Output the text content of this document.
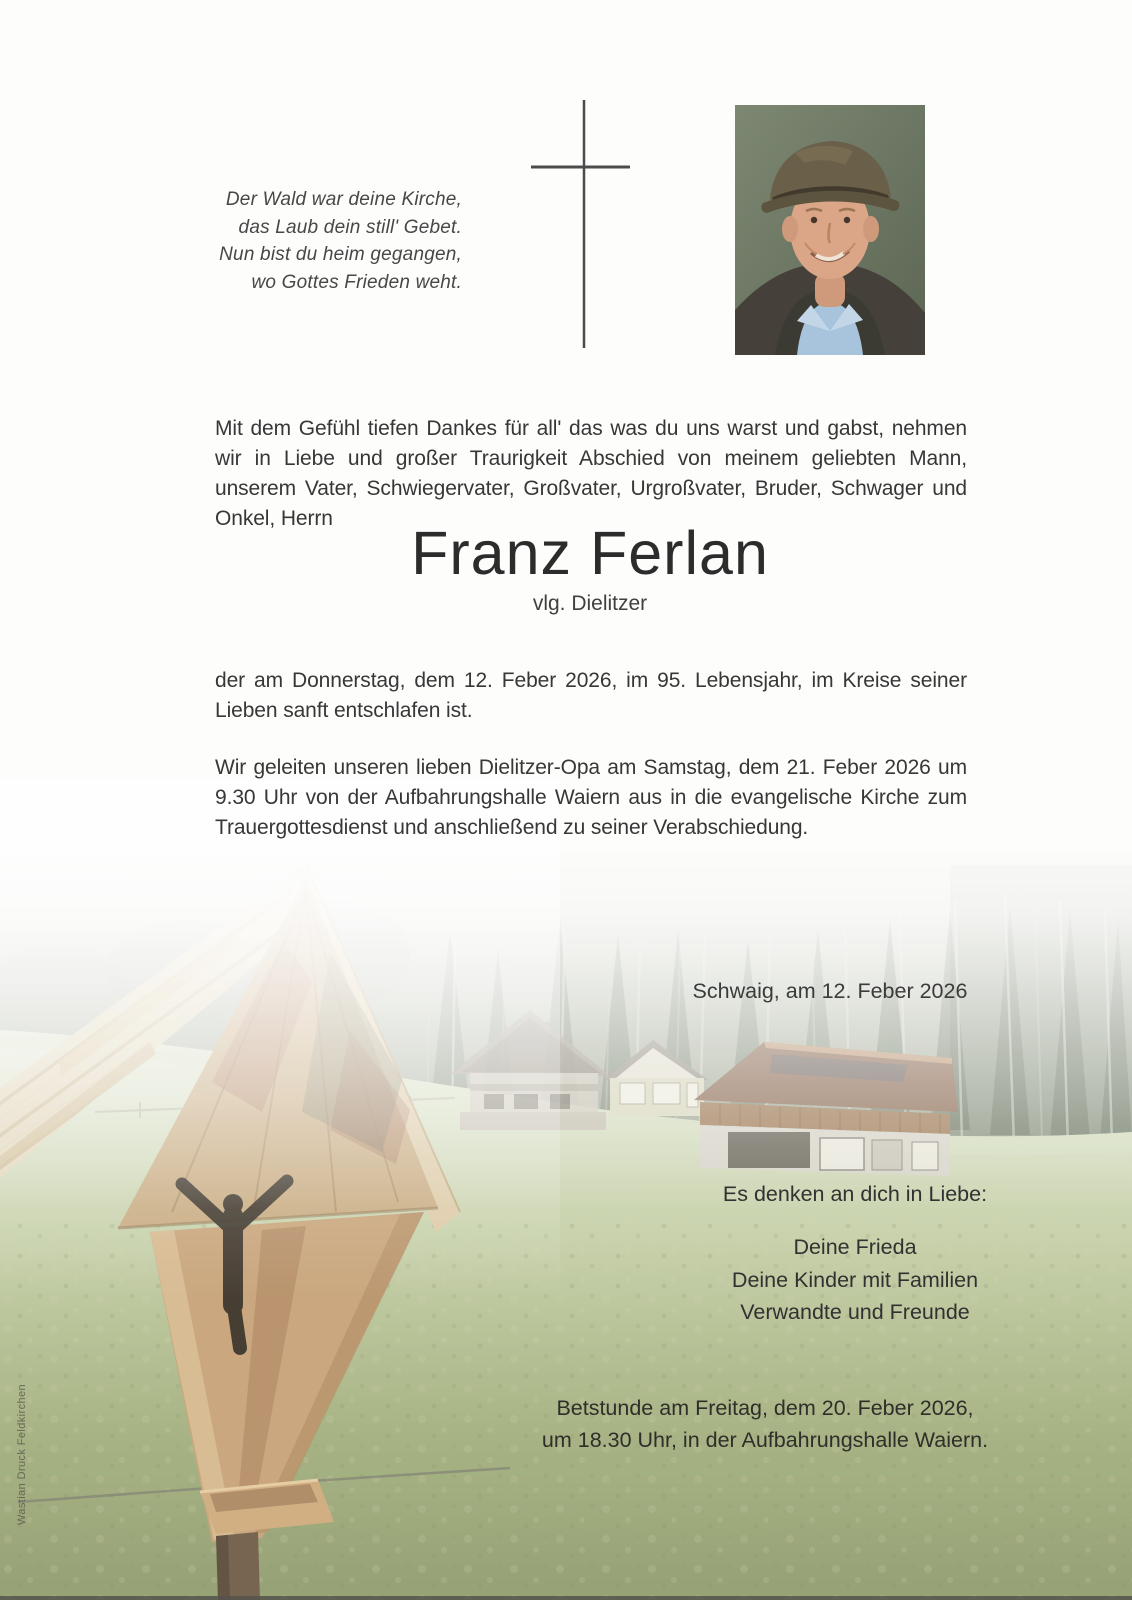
Der Wald war deine Kirche,
das Laub dein still' Gebet.
Nun bist du heim gegangen,
wo Gottes Frieden weht.
Mit dem Gefühl tiefen Dankes für all' das was du uns warst und gabst, nehmen wir in Liebe und großer Traurigkeit Abschied von meinem geliebten Mann, unserem Vater, Schwiegervater, Großvater, Urgroßvater, Bruder, Schwager und Onkel, Herrn
Franz Ferlan
vlg. Dielitzer
der am Donnerstag, dem 12. Feber 2026, im 95. Lebensjahr, im Kreise seiner Lieben sanft entschlafen ist.
Wir geleiten unseren lieben Dielitzer-Opa am Samstag, dem 21. Feber 2026 um 9.30 Uhr von der Aufbahrungshalle Waiern aus in die evangelische Kirche zum Trauergottesdienst und anschließend zu seiner Verabschiedung.
Schwaig, am 12. Feber 2026
Es denken an dich in Liebe:
Deine Frieda
Deine Kinder mit Familien
Verwandte und Freunde
Betstunde am Freitag, dem 20. Feber 2026,
um 18.30 Uhr, in der Aufbahrungshalle Waiern.
Wastian Druck Feldkirchen
